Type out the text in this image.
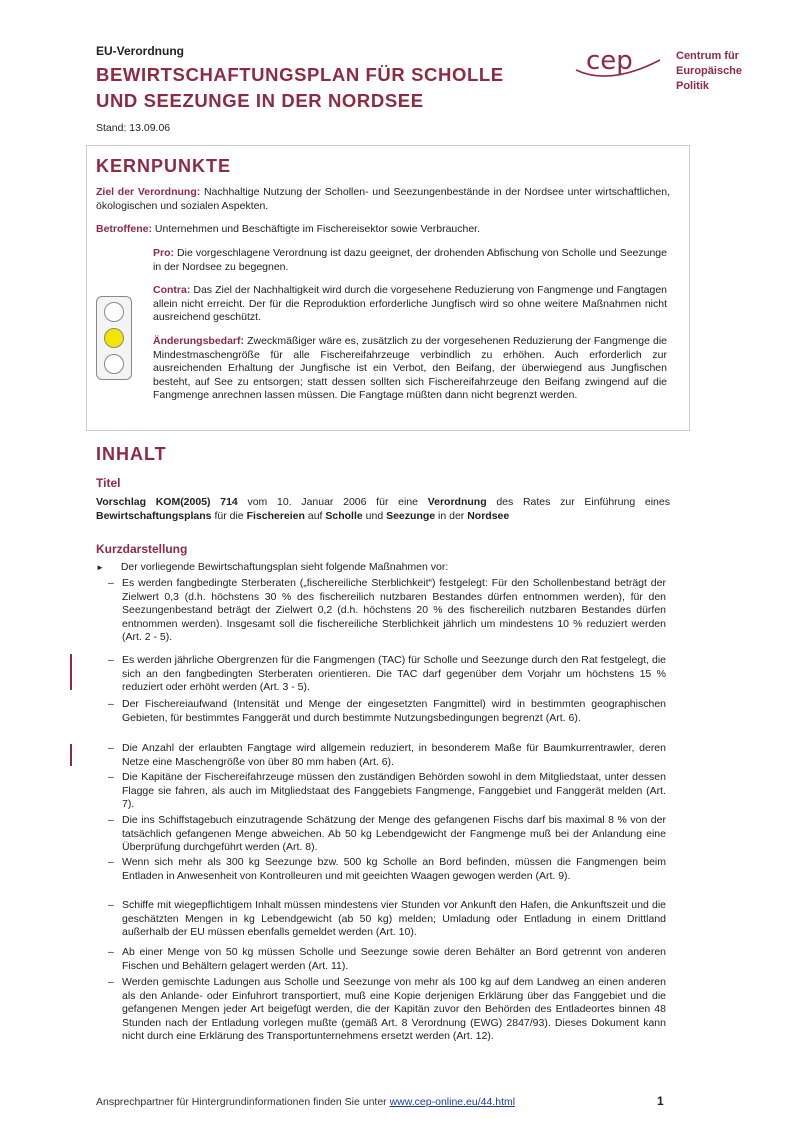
EU-Verordnung
BEWIRTSCHAFTUNGSPLAN FÜR SCHOLLE
UND SEEZUNGE IN DER NORDSEE
Stand: 13.09.06
cep	Centrum für
Europäische
Politik
KERNPUNKTE
Ziel der Verordnung: Nachhaltige Nutzung der Schollen- und Seezungenbestände in der Nordsee unter wirtschaftlichen, ökologischen und sozialen Aspekten.
Betroffene: Unternehmen und Beschäftigte im Fischereisektor sowie Verbraucher.
Pro: Die vorgeschlagene Verordnung ist dazu geeignet, der drohenden Abfischung von Scholle und Seezunge in der Nordsee zu begegnen.
Contra: Das Ziel der Nachhaltigkeit wird durch die vorgesehene Reduzierung von Fangmenge und Fangtagen allein nicht erreicht. Der für die Reproduktion erforderliche Jungfisch wird so ohne weitere Maßnahmen nicht ausreichend geschützt.
Änderungsbedarf: Zweckmäßiger wäre es, zusätzlich zu der vorgesehenen Reduzierung der Fangmenge die Mindestmaschengröße für alle Fischereifahrzeuge verbindlich zu erhöhen. Auch erforderlich zur ausreichenden Erhaltung der Jungfische ist ein Verbot, den Beifang, der überwiegend aus Jungfischen besteht, auf See zu entsorgen; statt dessen sollten sich Fischereifahrzeuge den Beifang zwingend auf die Fangmenge anrechnen lassen müssen. Die Fangtage müßten dann nicht begrenzt werden.
INHALT
Titel
Vorschlag KOM(2005) 714 vom 10. Januar 2006 für eine Verordnung des Rates zur Einführung eines Bewirtschaftungsplans für die Fischereien auf Scholle und Seezunge in der Nordsee
Kurzdarstellung
► Der vorliegende Bewirtschaftungsplan sieht folgende Maßnahmen vor:
– Es werden fangbedingte Sterberaten („fischereiliche Sterblichkeit“) festgelegt: Für den Schollenbestand beträgt der Zielwert 0,3 (d.h. höchstens 30 % des fischereilich nutzbaren Bestandes dürfen entnommen werden), für den Seezungenbestand beträgt der Zielwert 0,2 (d.h. höchstens 20 % des fischereilich nutzbaren Bestandes dürfen entnommen werden). Insgesamt soll die fischereiliche Sterblichkeit jährlich um mindestens 10 % reduziert werden (Art. 2 - 5).
– Es werden jährliche Obergrenzen für die Fangmengen (TAC) für Scholle und Seezunge durch den Rat festgelegt, die sich an den fangbedingten Sterberaten orientieren. Die TAC darf gegenüber dem Vorjahr um höchstens 15 % reduziert oder erhöht werden (Art. 3 - 5).
– Der Fischereiaufwand (Intensität und Menge der eingesetzten Fangmittel) wird in bestimmten geographischen Gebieten, für bestimmtes Fanggerät und durch bestimmte Nutzungsbedingungen begrenzt (Art. 6).
– Die Anzahl der erlaubten Fangtage wird allgemein reduziert, in besonderem Maße für Baumkurrentrawler, deren Netze eine Maschengröße von über 80 mm haben (Art. 6).
– Die Kapitäne der Fischereifahrzeuge müssen den zuständigen Behörden sowohl in dem Mitgliedstaat, unter dessen Flagge sie fahren, als auch im Mitgliedstaat des Fanggebiets Fangmenge, Fanggebiet und Fanggerät melden (Art. 7).
– Die ins Schiffstagebuch einzutragende Schätzung der Menge des gefangenen Fischs darf bis maximal 8 % von der tatsächlich gefangenen Menge abweichen. Ab 50 kg Lebendgewicht der Fangmenge muß bei der Anlandung eine Überprüfung durchgeführt werden (Art. 8).
– Wenn sich mehr als 300 kg Seezunge bzw. 500 kg Scholle an Bord befinden, müssen die Fangmengen beim Entladen in Anwesenheit von Kontrolleuren und mit geeichten Waagen gewogen werden (Art. 9).
– Schiffe mit wiegepflichtigem Inhalt müssen mindestens vier Stunden vor Ankunft den Hafen, die Ankunftszeit und die geschätzten Mengen in kg Lebendgewicht (ab 50 kg) melden; Umladung oder Entladung in einem Drittland außerhalb der EU müssen ebenfalls gemeldet werden (Art. 10).
– Ab einer Menge von 50 kg müssen Scholle und Seezunge sowie deren Behälter an Bord getrennt von anderen Fischen und Behältern gelagert werden (Art. 11).
– Werden gemischte Ladungen aus Scholle und Seezunge von mehr als 100 kg auf dem Landweg an einen anderen als den Anlande- oder Einfuhrort transportiert, muß eine Kopie derjenigen Erklärung über das Fanggebiet und die gefangenen Mengen jeder Art beigefügt werden, die der Kapitän zuvor den Behörden des Entladeortes binnen 48 Stunden nach der Entladung vorlegen mußte (gemäß Art. 8 Verordnung (EWG) 2847/93). Dieses Dokument kann nicht durch eine Erklärung des Transportunternehmens ersetzt werden (Art. 12).
Ansprechpartner für Hintergrundinformationen finden Sie unter www.cep-online.eu/44.html	1
